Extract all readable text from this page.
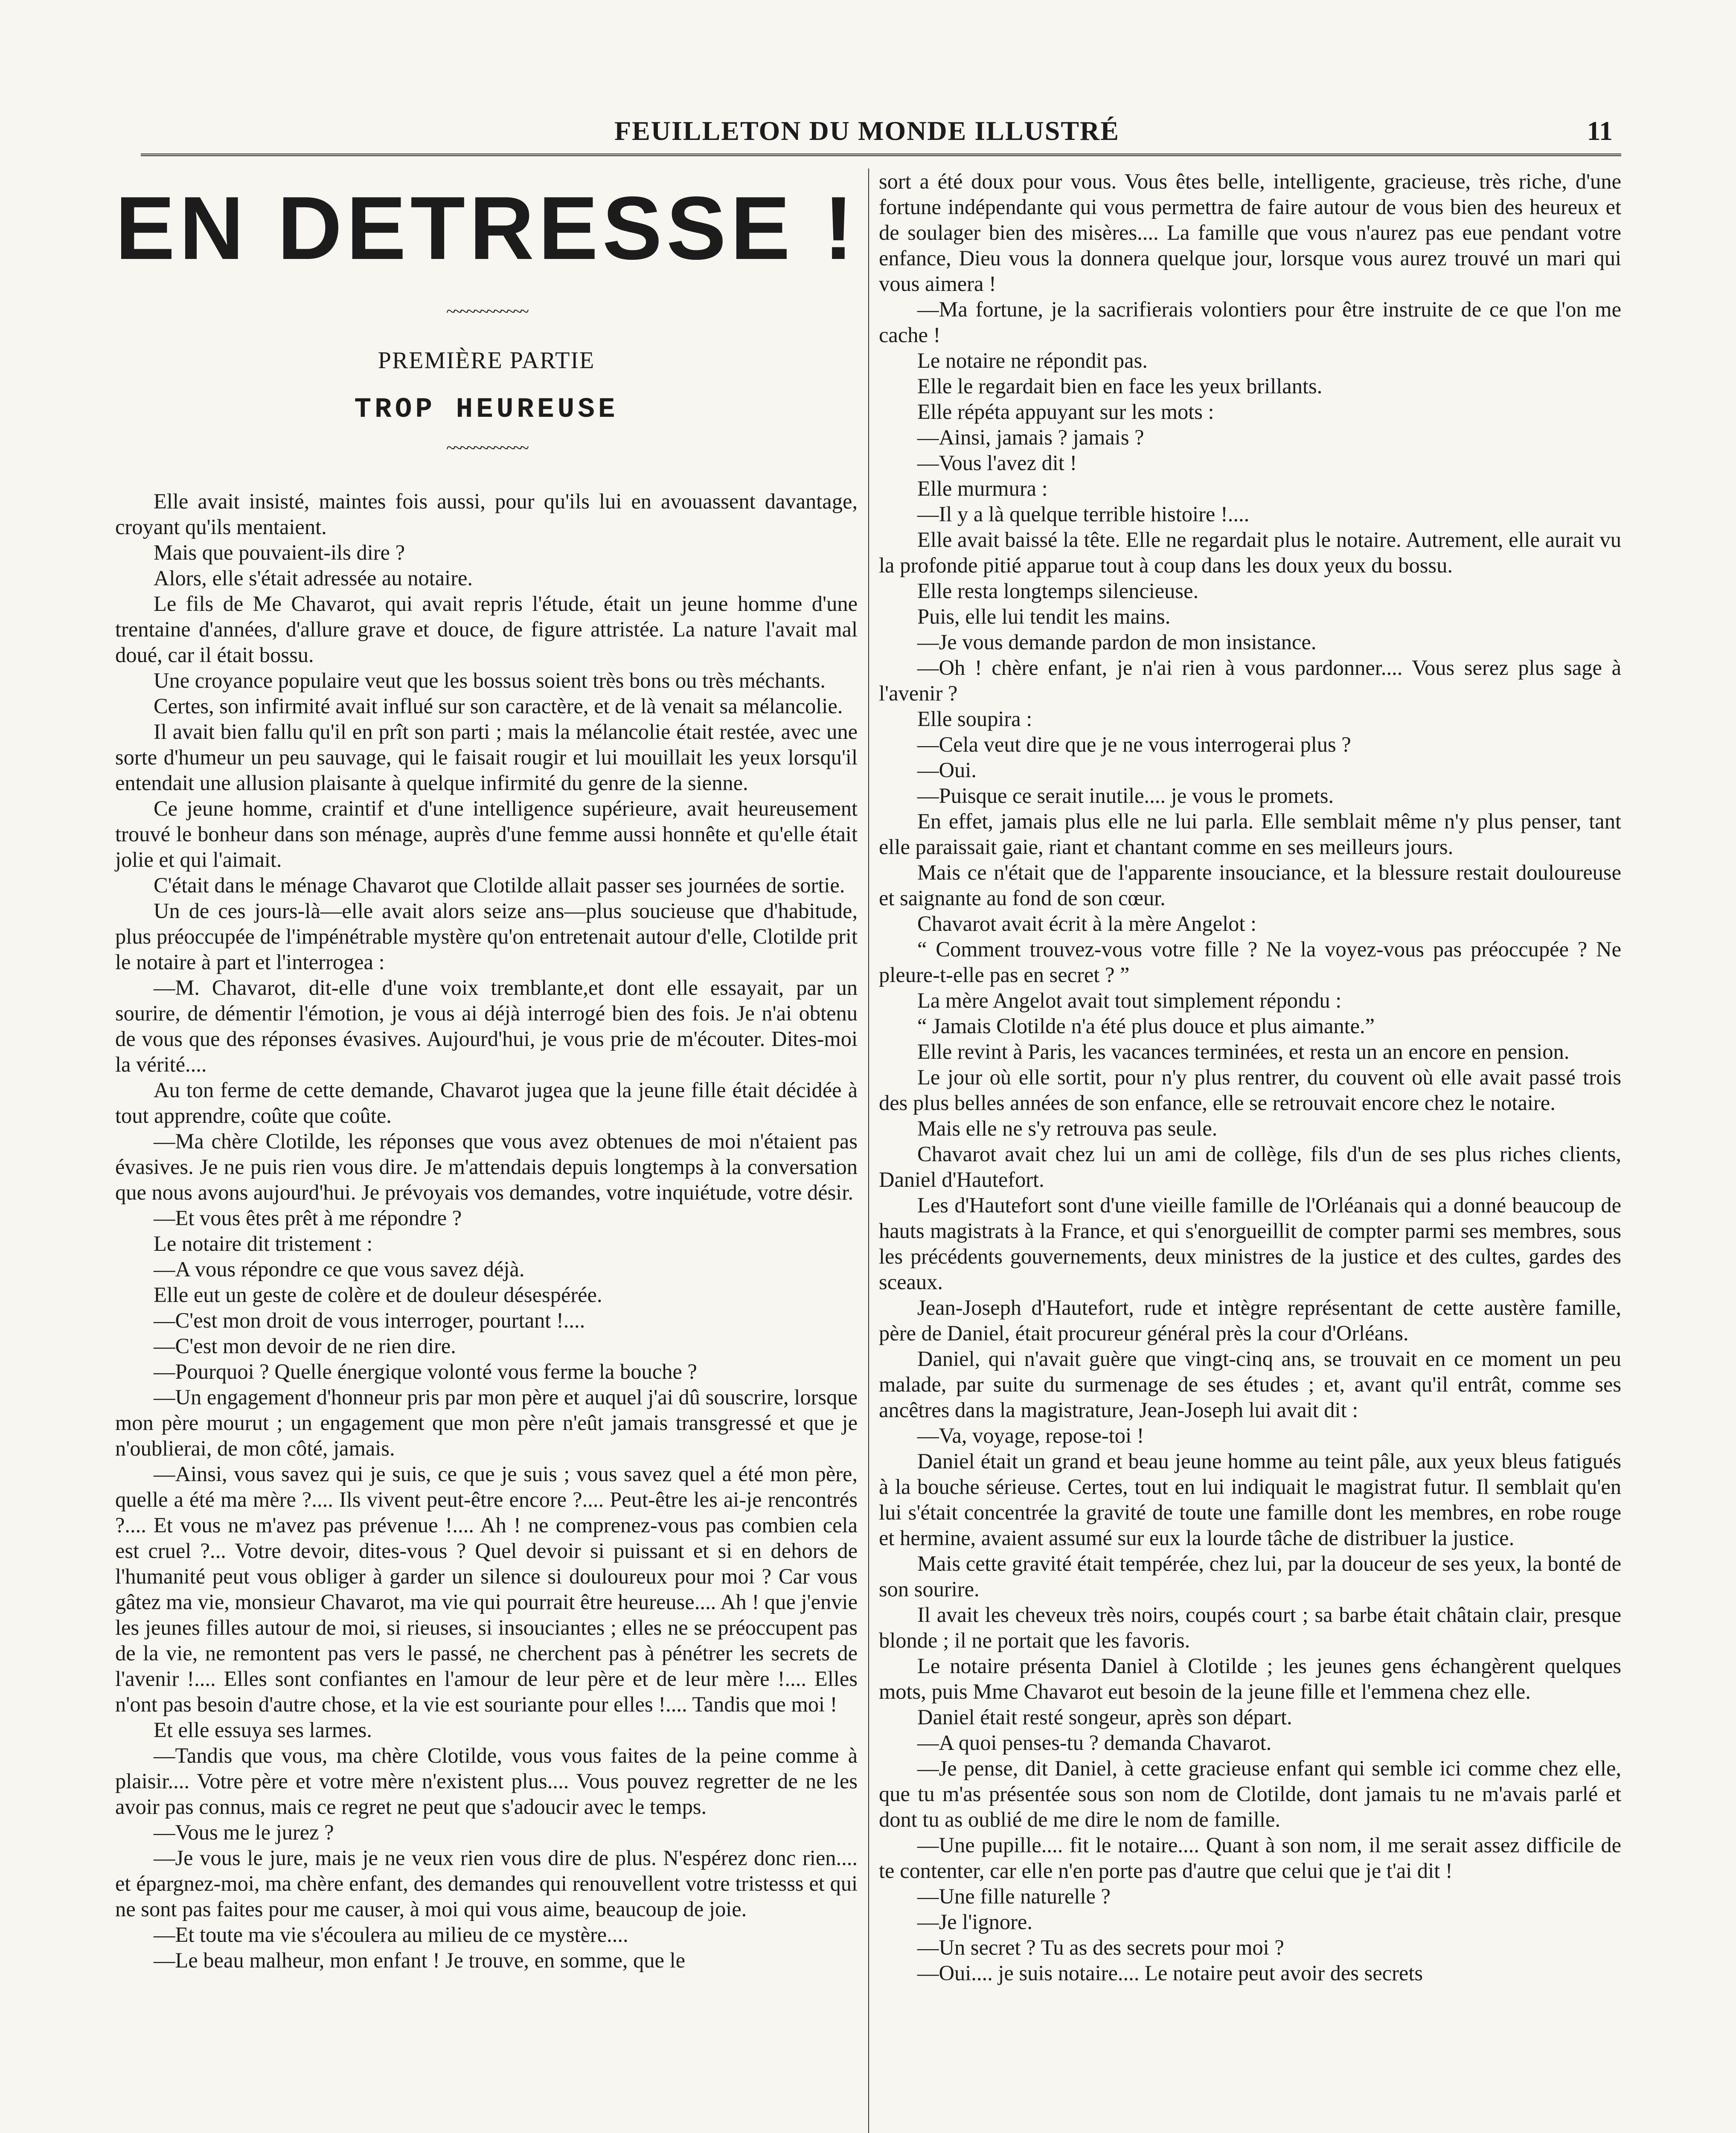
FEUILLETON DU MONDE ILLUSTRÉ	11
EN DETRESSE !
~~~~~~~~~~~~
PREMIÈRE PARTIE
TROP HEUREUSE
~~~~~~~~~~~~

Elle avait insisté, maintes fois aussi, pour qu'ils lui en avouassent davantage, croyant qu'ils mentaient.

Mais que pouvaient-ils dire ?

Alors, elle s'était adressée au notaire.

Le fils de Me Chavarot, qui avait repris l'étude, était un jeune homme d'une trentaine d'années, d'allure grave et douce, de figure attristée. La nature l'avait mal doué, car il était bossu.

Une croyance populaire veut que les bossus soient très bons ou très méchants.

Certes, son infirmité avait influé sur son caractère, et de là venait sa mélancolie.

Il avait bien fallu qu'il en prît son parti ; mais la mélancolie était restée, avec une sorte d'humeur un peu sauvage, qui le faisait rougir et lui mouillait les yeux lorsqu'il entendait une allusion plaisante à quelque infirmité du genre de la sienne.

Ce jeune homme, craintif et d'une intelligence supérieure, avait heureusement trouvé le bonheur dans son ménage, auprès d'une femme aussi honnête et qu'elle était jolie et qui l'aimait.

C'était dans le ménage Chavarot que Clotilde allait passer ses journées de sortie.

Un de ces jours-là—elle avait alors seize ans—plus soucieuse que d'habitude, plus préoccupée de l'impénétrable mystère qu'on entretenait autour d'elle, Clotilde prit le notaire à part et l'interrogea :

—M. Chavarot, dit-elle d'une voix tremblante,et dont elle essayait, par un sourire, de démentir l'émotion, je vous ai déjà interrogé bien des fois. Je n'ai obtenu de vous que des réponses évasives. Aujourd'hui, je vous prie de m'écouter. Dites-moi la vérité....

Au ton ferme de cette demande, Chavarot jugea que la jeune fille était décidée à tout apprendre, coûte que coûte.

—Ma chère Clotilde, les réponses que vous avez obtenues de moi n'étaient pas évasives. Je ne puis rien vous dire. Je m'attendais depuis longtemps à la conversation que nous avons aujourd'hui. Je prévoyais vos demandes, votre inquiétude, votre désir.

—Et vous êtes prêt à me répondre ?

Le notaire dit tristement :

—A vous répondre ce que vous savez déjà.

Elle eut un geste de colère et de douleur désespérée.

—C'est mon droit de vous interroger, pourtant !....

—C'est mon devoir de ne rien dire.

—Pourquoi ? Quelle énergique volonté vous ferme la bouche ?

—Un engagement d'honneur pris par mon père et auquel j'ai dû souscrire, lorsque mon père mourut ; un engagement que mon père n'eût jamais transgressé et que je n'oublierai, de mon côté, jamais.

—Ainsi, vous savez qui je suis, ce que je suis ; vous savez quel a été mon père, quelle a été ma mère ?.... Ils vivent peut-être encore ?.... Peut-être les ai-je rencontrés ?.... Et vous ne m'avez pas prévenue !.... Ah ! ne comprenez-vous pas combien cela est cruel ?... Votre devoir, dites-vous ? Quel devoir si puissant et si en dehors de l'humanité peut vous obliger à garder un silence si douloureux pour moi ? Car vous gâtez ma vie, monsieur Chavarot, ma vie qui pourrait être heureuse.... Ah ! que j'envie les jeunes filles autour de moi, si rieuses, si insouciantes ; elles ne se préoccupent pas de la vie, ne remontent pas vers le passé, ne cherchent pas à pénétrer les secrets de l'avenir !.... Elles sont confiantes en l'amour de leur père et de leur mère !.... Elles n'ont pas besoin d'autre chose, et la vie est souriante pour elles !.... Tandis que moi !

Et elle essuya ses larmes.

—Tandis que vous, ma chère Clotilde, vous vous faites de la peine comme à plaisir.... Votre père et votre mère n'existent plus.... Vous pouvez regretter de ne les avoir pas connus, mais ce regret ne peut que s'adoucir avec le temps.

—Vous me le jurez ?

—Je vous le jure, mais je ne veux rien vous dire de plus. N'espérez donc rien.... et épargnez-moi, ma chère enfant, des demandes qui renouvellent votre tristesss et qui ne sont pas faites pour me causer, à moi qui vous aime, beaucoup de joie.

—Et toute ma vie s'écoulera au milieu de ce mystère....

—Le beau malheur, mon enfant ! Je trouve, en somme, que le

sort a été doux pour vous. Vous êtes belle, intelligente, gracieuse, très riche, d'une fortune indépendante qui vous permettra de faire autour de vous bien des heureux et de soulager bien des misères.... La famille que vous n'aurez pas eue pendant votre enfance, Dieu vous la donnera quelque jour, lorsque vous aurez trouvé un mari qui vous aimera !

—Ma fortune, je la sacrifierais volontiers pour être instruite de ce que l'on me cache !

Le notaire ne répondit pas.

Elle le regardait bien en face les yeux brillants.

Elle répéta appuyant sur les mots :

—Ainsi, jamais ? jamais ?

—Vous l'avez dit !

Elle murmura :

—Il y a là quelque terrible histoire !....

Elle avait baissé la tête. Elle ne regardait plus le notaire. Autrement, elle aurait vu la profonde pitié apparue tout à coup dans les doux yeux du bossu.

Elle resta longtemps silencieuse.

Puis, elle lui tendit les mains.

—Je vous demande pardon de mon insistance.

—Oh ! chère enfant, je n'ai rien à vous pardonner.... Vous serez plus sage à l'avenir ?

Elle soupira :

—Cela veut dire que je ne vous interrogerai plus ?

—Oui.

—Puisque ce serait inutile.... je vous le promets.

En effet, jamais plus elle ne lui parla. Elle semblait même n'y plus penser, tant elle paraissait gaie, riant et chantant comme en ses meilleurs jours.

Mais ce n'était que de l'apparente insouciance, et la blessure restait douloureuse et saignante au fond de son cœur.

Chavarot avait écrit à la mère Angelot :

“ Comment trouvez-vous votre fille ? Ne la voyez-vous pas préoccupée ? Ne pleure-t-elle pas en secret ? ”

La mère Angelot avait tout simplement répondu :

“ Jamais Clotilde n'a été plus douce et plus aimante.”

Elle revint à Paris, les vacances terminées, et resta un an encore en pension.

Le jour où elle sortit, pour n'y plus rentrer, du couvent où elle avait passé trois des plus belles années de son enfance, elle se retrouvait encore chez le notaire.

Mais elle ne s'y retrouva pas seule.

Chavarot avait chez lui un ami de collège, fils d'un de ses plus riches clients, Daniel d'Hautefort.

Les d'Hautefort sont d'une vieille famille de l'Orléanais qui a donné beaucoup de hauts magistrats à la France, et qui s'enorgueillit de compter parmi ses membres, sous les précédents gouvernements, deux ministres de la justice et des cultes, gardes des sceaux.

Jean-Joseph d'Hautefort, rude et intègre représentant de cette austère famille, père de Daniel, était procureur général près la cour d'Orléans.

Daniel, qui n'avait guère que vingt-cinq ans, se trouvait en ce moment un peu malade, par suite du surmenage de ses études ; et, avant qu'il entrât, comme ses ancêtres dans la magistrature, Jean-Joseph lui avait dit :

—Va, voyage, repose-toi !

Daniel était un grand et beau jeune homme au teint pâle, aux yeux bleus fatigués à la bouche sérieuse. Certes, tout en lui indiquait le magistrat futur. Il semblait qu'en lui s'était concentrée la gravité de toute une famille dont les membres, en robe rouge et hermine, avaient assumé sur eux la lourde tâche de distribuer la justice.

Mais cette gravité était tempérée, chez lui, par la douceur de ses yeux, la bonté de son sourire.

Il avait les cheveux très noirs, coupés court ; sa barbe était châtain clair, presque blonde ; il ne portait que les favoris.

Le notaire présenta Daniel à Clotilde ; les jeunes gens échangèrent quelques mots, puis Mme Chavarot eut besoin de la jeune fille et l'emmena chez elle.

Daniel était resté songeur, après son départ.

—A quoi penses-tu ? demanda Chavarot.

—Je pense, dit Daniel, à cette gracieuse enfant qui semble ici comme chez elle, que tu m'as présentée sous son nom de Clotilde, dont jamais tu ne m'avais parlé et dont tu as oublié de me dire le nom de famille.

—Une pupille.... fit le notaire.... Quant à son nom, il me serait assez difficile de te contenter, car elle n'en porte pas d'autre que celui que je t'ai dit !

—Une fille naturelle ?

—Je l'ignore.

—Un secret ? Tu as des secrets pour moi ?

—Oui.... je suis notaire.... Le notaire peut avoir des secrets
